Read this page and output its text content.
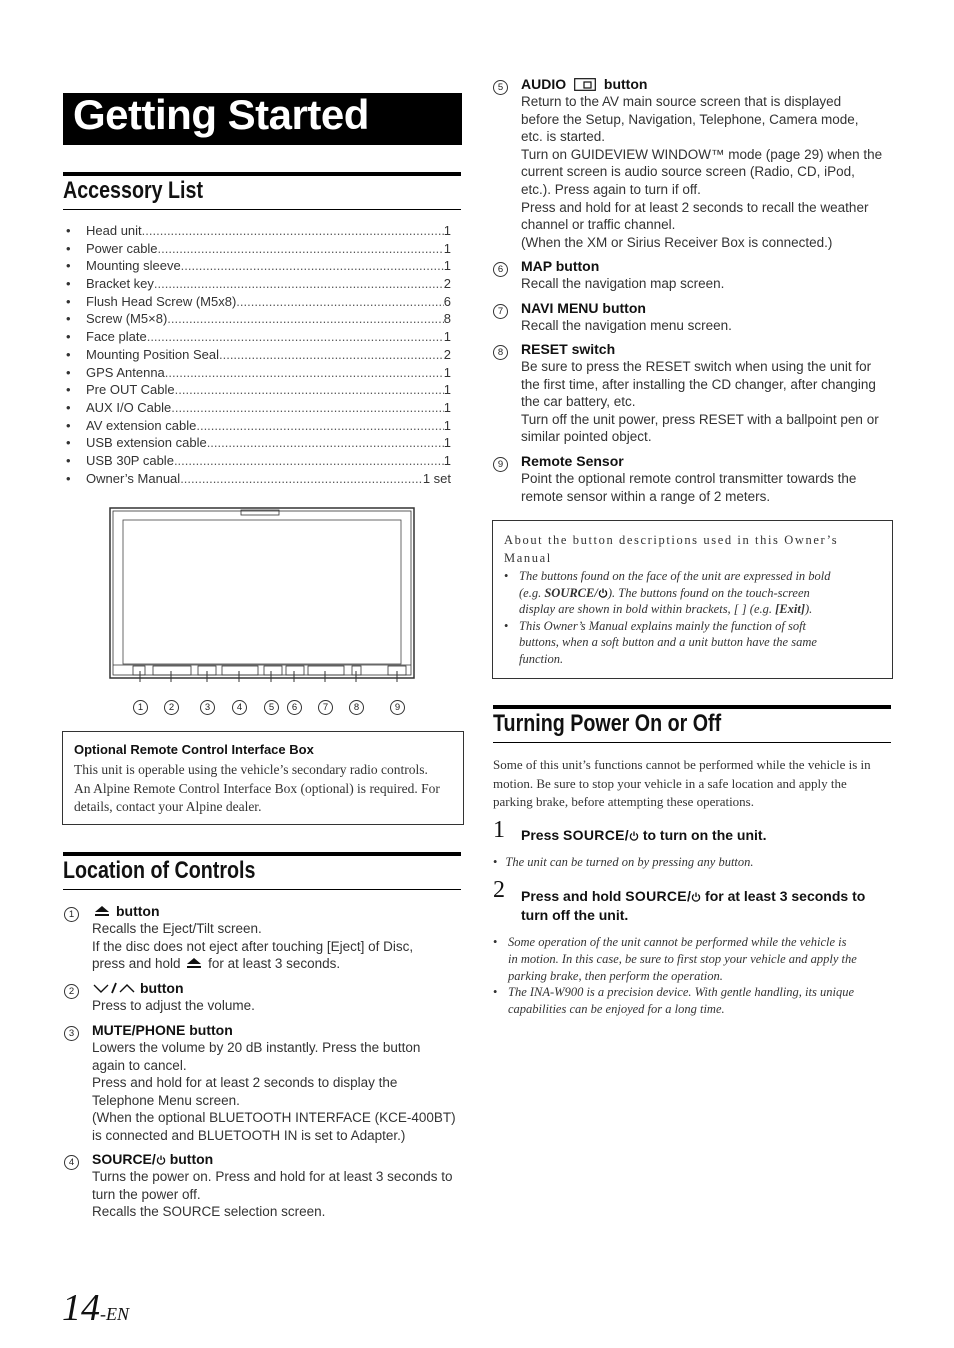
Getting Started
Accessory List
• Head unit .....	1
• Power cable .....	1
• Mounting sleeve .....	1
• Bracket key .....	2
• Flush Head Screw (M5x8) .....	6
• Screw (M5×8) .....	8
• Face plate .....	1
• Mounting Position Seal .....	2
• GPS Antenna .....	1
• Pre OUT Cable .....	1
• AUX I/O Cable .....	1
• AV extension cable .....	1
• USB extension cable .....	1
• USB 30P cable .....	1
• Owner’s Manual .....	1 set
1	2	3	4	5	6	7	8	9
Optional Remote Control Interface Box
This unit is operable using the vehicle’s secondary radio controls.
An Alpine Remote Control Interface Box (optional) is required. For
details, contact your Alpine dealer.
Location of Controls
1	button
Recalls the Eject/Tilt screen.
If the disc does not eject after touching [Eject] of Disc,
press and hold for at least 3 seconds.
2	button
Press to adjust the volume.
3	MUTE/PHONE button
Lowers the volume by 20 dB instantly. Press the button
again to cancel.
Press and hold for at least 2 seconds to display the
Telephone Menu screen.
(When the optional BLUETOOTH INTERFACE (KCE-400BT)
is connected and BLUETOOTH IN is set to Adapter.)
4	SOURCE/ button
Turns the power on. Press and hold for at least 3 seconds to
turn the power off.
Recalls the SOURCE selection screen.
5	AUDIO	button
Return to the AV main source screen that is displayed
before the Setup, Navigation, Telephone, Camera mode,
etc. is started.
Turn on GUIDEVIEW WINDOW™ mode (page 29) when the
current screen is audio source screen (Radio, CD, iPod,
etc.). Press again to turn if off.
Press and hold for at least 2 seconds to recall the weather
channel or traffic channel.
(When the XM or Sirius Receiver Box is connected.)
6	MAP button
Recall the navigation map screen.
7	NAVI MENU button
Recall the navigation menu screen.
8	RESET switch
Be sure to press the RESET switch when using the unit for
the first time, after installing the CD changer, after changing
the car battery, etc.
Turn off the unit power, press RESET with a ballpoint pen or
similar pointed object.
9	Remote Sensor
Point the optional remote control transmitter towards the
remote sensor within a range of 2 meters.
About the button descriptions used in this Owner’s
Manual
• The buttons found on the face of the unit are expressed in bold
(e.g. SOURCE/ ). The buttons found on the touch-screen
display are shown in bold within brackets, [ ] (e.g. [Exit]).
• This Owner’s Manual explains mainly the function of soft
buttons, when a soft button and a unit button have the same
function.
Turning Power On or Off
Some of this unit’s functions cannot be performed while the vehicle is in
motion. Be sure to stop your vehicle in a safe location and apply the
parking brake, before attempting these operations.
1 Press SOURCE/ to turn on the unit.
• The unit can be turned on by pressing any button.
2 Press and hold SOURCE/ for at least 3 seconds to
turn off the unit.
• Some operation of the unit cannot be performed while the vehicle is
in motion. In this case, be sure to first stop your vehicle and apply the
parking brake, then perform the operation.
• The INA-W900 is a precision device. With gentle handling, its unique
capabilities can be enjoyed for a long time.
14-EN
